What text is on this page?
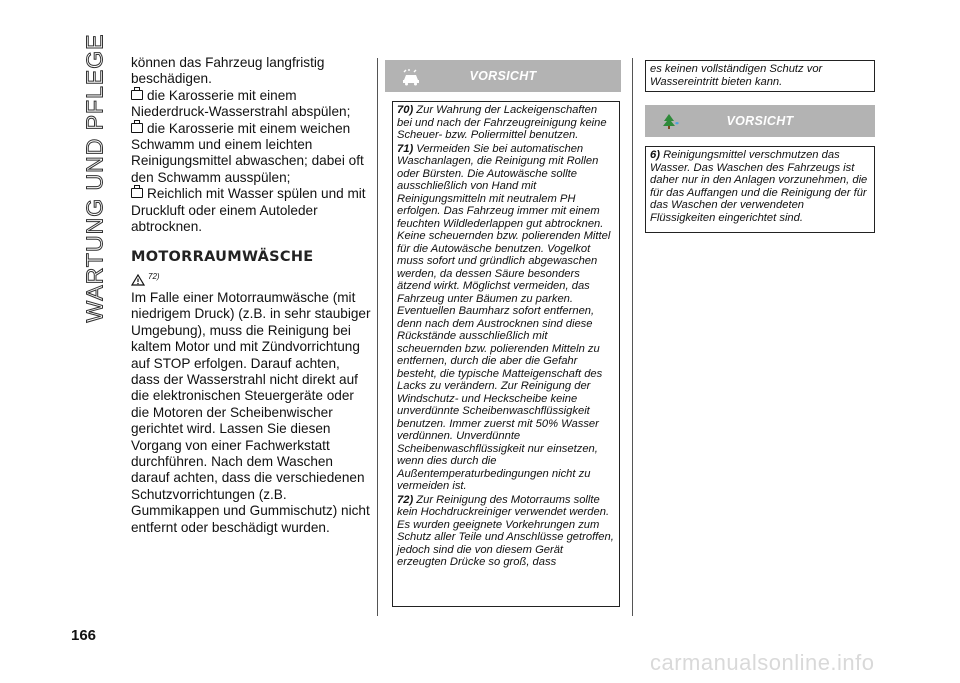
WARTUNG UND PFLEGE
166

können das Fahrzeug langfristig beschädigen.

die Karosserie mit einem Niederdruck-Wasserstrahl abspülen;

die Karosserie mit einem weichen Schwamm und einem leichten Reinigungsmittel abwaschen; dabei oft den Schwamm ausspülen;

Reichlich mit Wasser spülen und mit Druckluft oder einem Autoleder abtrocknen.

MOTORRAUMWÄSCHE
72)

Im Falle einer Motorraumwäsche (mit niedrigem Druck) (z.B. in sehr staubiger Umgebung), muss die Reinigung bei kaltem Motor und mit Zündvorrichtung auf STOP erfolgen. Darauf achten, dass der Wasserstrahl nicht direkt auf die elektronischen Steuergeräte oder die Motoren der Scheibenwischer gerichtet wird. Lassen Sie diesen Vorgang von einer Fachwerkstatt durchführen. Nach dem Waschen darauf achten, dass die verschiedenen Schutzvorrichtungen (z.B. Gummikappen und Gummischutz) nicht entfernt oder beschädigt wurden.

VORSICHT

70) Zur Wahrung der Lackeigenschaften bei und nach der Fahrzeugreinigung keine Scheuer- bzw. Poliermittel benutzen.

71) Vermeiden Sie bei automatischen Waschanlagen, die Reinigung mit Rollen oder Bürsten. Die Autowäsche sollte ausschließlich von Hand mit Reinigungsmitteln mit neutralem PH erfolgen. Das Fahrzeug immer mit einem feuchten Wildlederlappen gut abtrocknen. Keine scheuernden bzw. polierenden Mittel für die Autowäsche benutzen. Vogelkot muss sofort und gründlich abgewaschen werden, da dessen Säure besonders ätzend wirkt. Möglichst vermeiden, das Fahrzeug unter Bäumen zu parken. Eventuellen Baumharz sofort entfernen, denn nach dem Austrocknen sind diese Rückstände ausschließlich mit scheuernden bzw. polierenden Mitteln zu entfernen, durch die aber die Gefahr besteht, die typische Matteigenschaft des Lacks zu verändern. Zur Reinigung der Windschutz- und Heckscheibe keine unverdünnte Scheibenwaschflüssigkeit benutzen. Immer zuerst mit 50% Wasser verdünnen. Unverdünnte Scheibenwaschflüssigkeit nur einsetzen, wenn dies durch die Außentemperaturbedingungen nicht zu vermeiden ist.

72) Zur Reinigung des Motorraums sollte kein Hochdruckreiniger verwendet werden. Es wurden geeignete Vorkehrungen zum Schutz aller Teile und Anschlüsse getroffen, jedoch sind die von diesem Gerät erzeugten Drücke so groß, dass

es keinen vollständigen Schutz vor Wassereintritt bieten kann.

VORSICHT

6) Reinigungsmittel verschmutzen das Wasser. Das Waschen des Fahrzeugs ist daher nur in den Anlagen vorzunehmen, die für das Auffangen und die Reinigung der für das Waschen der verwendeten Flüssigkeiten eingerichtet sind.

carmanualsonline.info
